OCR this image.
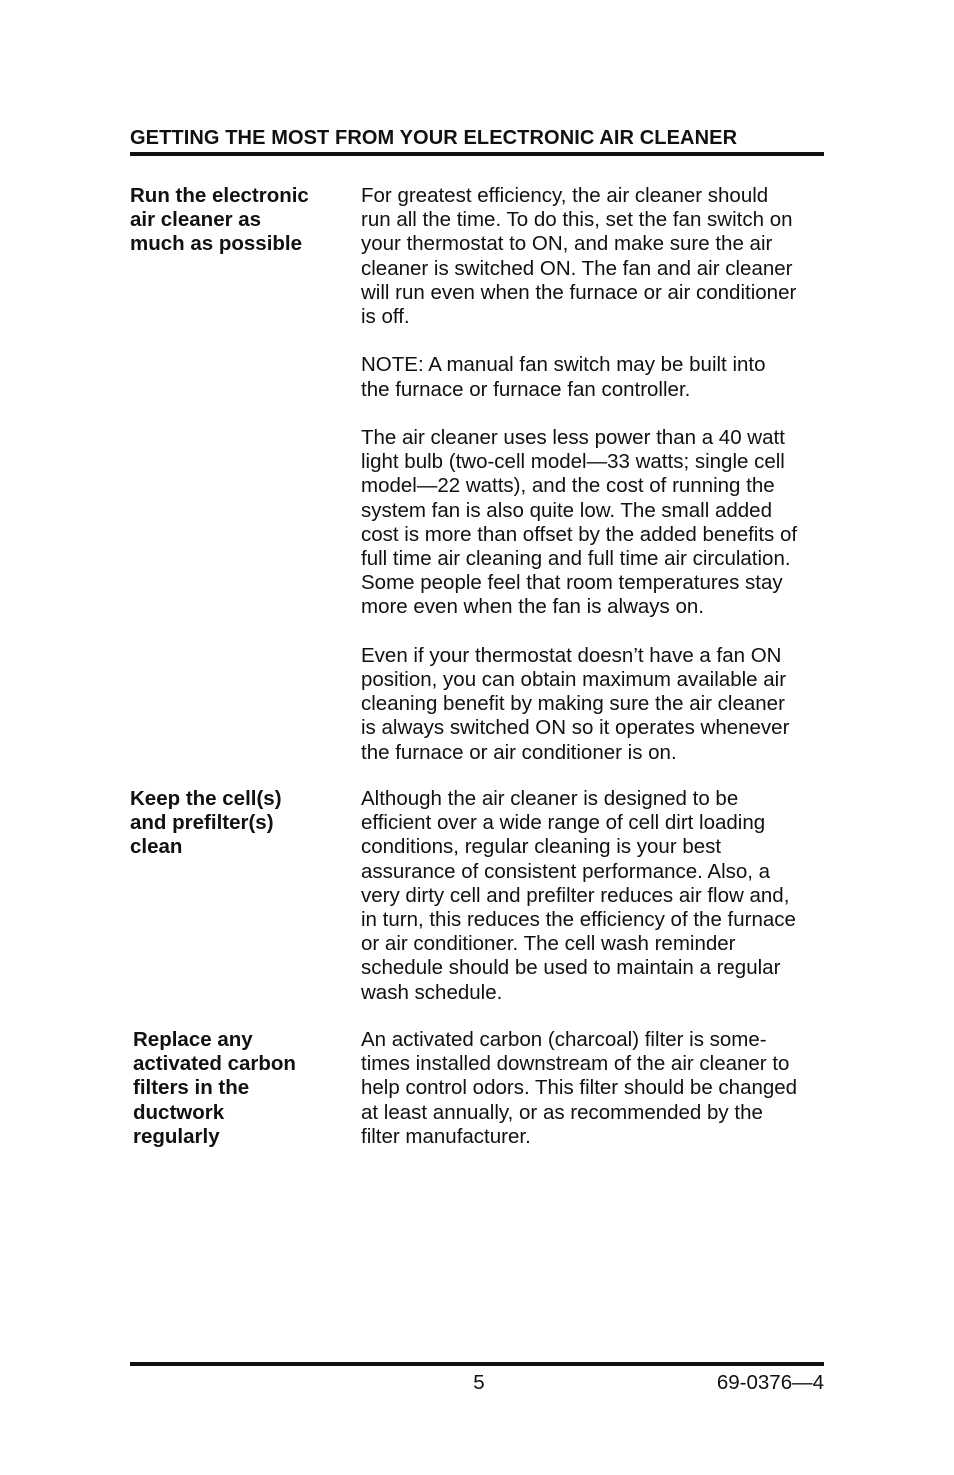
GETTING THE MOST FROM YOUR ELECTRONIC AIR CLEANER
Run the electronic
air cleaner as
much as possible

For greatest efficiency, the air cleaner should
run all the time. To do this, set the fan switch on
your thermostat to ON, and make sure the air
cleaner is switched ON. The fan and air cleaner
will run even when the furnace or air conditioner
is off.

NOTE: A manual fan switch may be built into
the furnace or furnace fan controller.

The air cleaner uses less power than a 40 watt
light bulb (two-cell model—33 watts; single cell
model—22 watts), and the cost of running the
system fan is also quite low. The small added
cost is more than offset by the added benefits of
full time air cleaning and full time air circulation.
Some people feel that room temperatures stay
more even when the fan is always on.

Even if your thermostat doesn’t have a fan ON
position, you can obtain maximum available air
cleaning benefit by making sure the air cleaner
is always switched ON so it operates whenever
the furnace or air conditioner is on.

Keep the cell(s)
and prefilter(s)
clean

Although the air cleaner is designed to be
efficient over a wide range of cell dirt loading
conditions, regular cleaning is your best
assurance of consistent performance. Also, a
very dirty cell and prefilter reduces air flow and,
in turn, this reduces the efficiency of the furnace
or air conditioner. The cell wash reminder
schedule should be used to maintain a regular
wash schedule.

Replace any
activated carbon
filters in the
ductwork
regularly

An activated carbon (charcoal) filter is some-
times installed downstream of the air cleaner to
help control odors. This filter should be changed
at least annually, or as recommended by the
filter manufacturer.

5	69-0376—4
